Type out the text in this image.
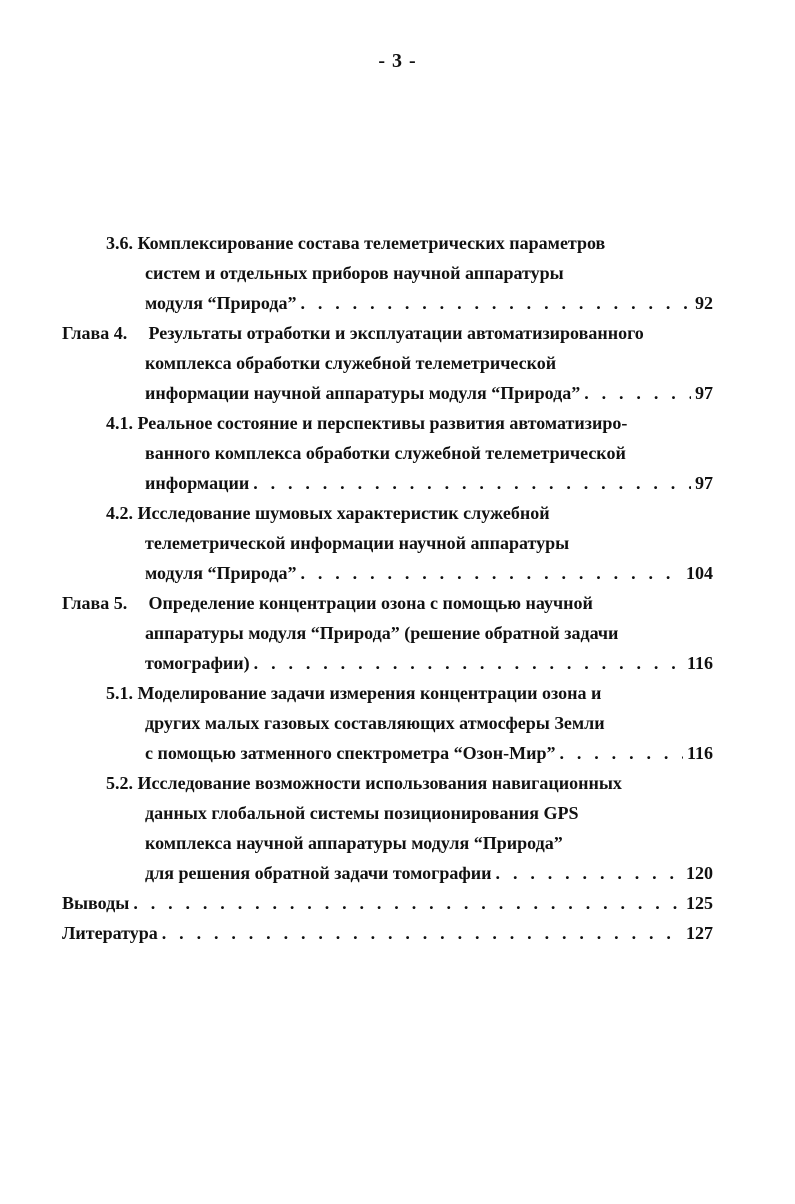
- 3 -
3.6. Комплексирование состава телеметрических параметров
систем и отдельных приборов научной аппаратуры
модуля “Природа” . . .	92
Глава 4. Результаты отработки и эксплуатации автоматизированного
комплекса обработки служебной телеметрической
информации научной аппаратуры модуля “Природа” . . .	97
4.1. Реальное состояние и перспективы развития автоматизиро-
ванного комплекса обработки служебной телеметрической
информации . . .	97
4.2. Исследование шумовых характеристик служебной
телеметрической информации научной аппаратуры
модуля “Природа” . . .	104
Глава 5. Определение концентрации озона с помощью научной
аппаратуры модуля “Природа” (решение обратной задачи
томографии) . . .	116
5.1. Моделирование задачи измерения концентрации озона и
других малых газовых составляющих атмосферы Земли
с помощью затменного спектрометра “Озон-Мир” . . .	116
5.2. Исследование возможности использования навигационных
данных глобальной системы позиционирования GPS
комплекса научной аппаратуры модуля “Природа”
для решения обратной задачи томографии . . .	120
Выводы . . .	125
Литература . . .	127
